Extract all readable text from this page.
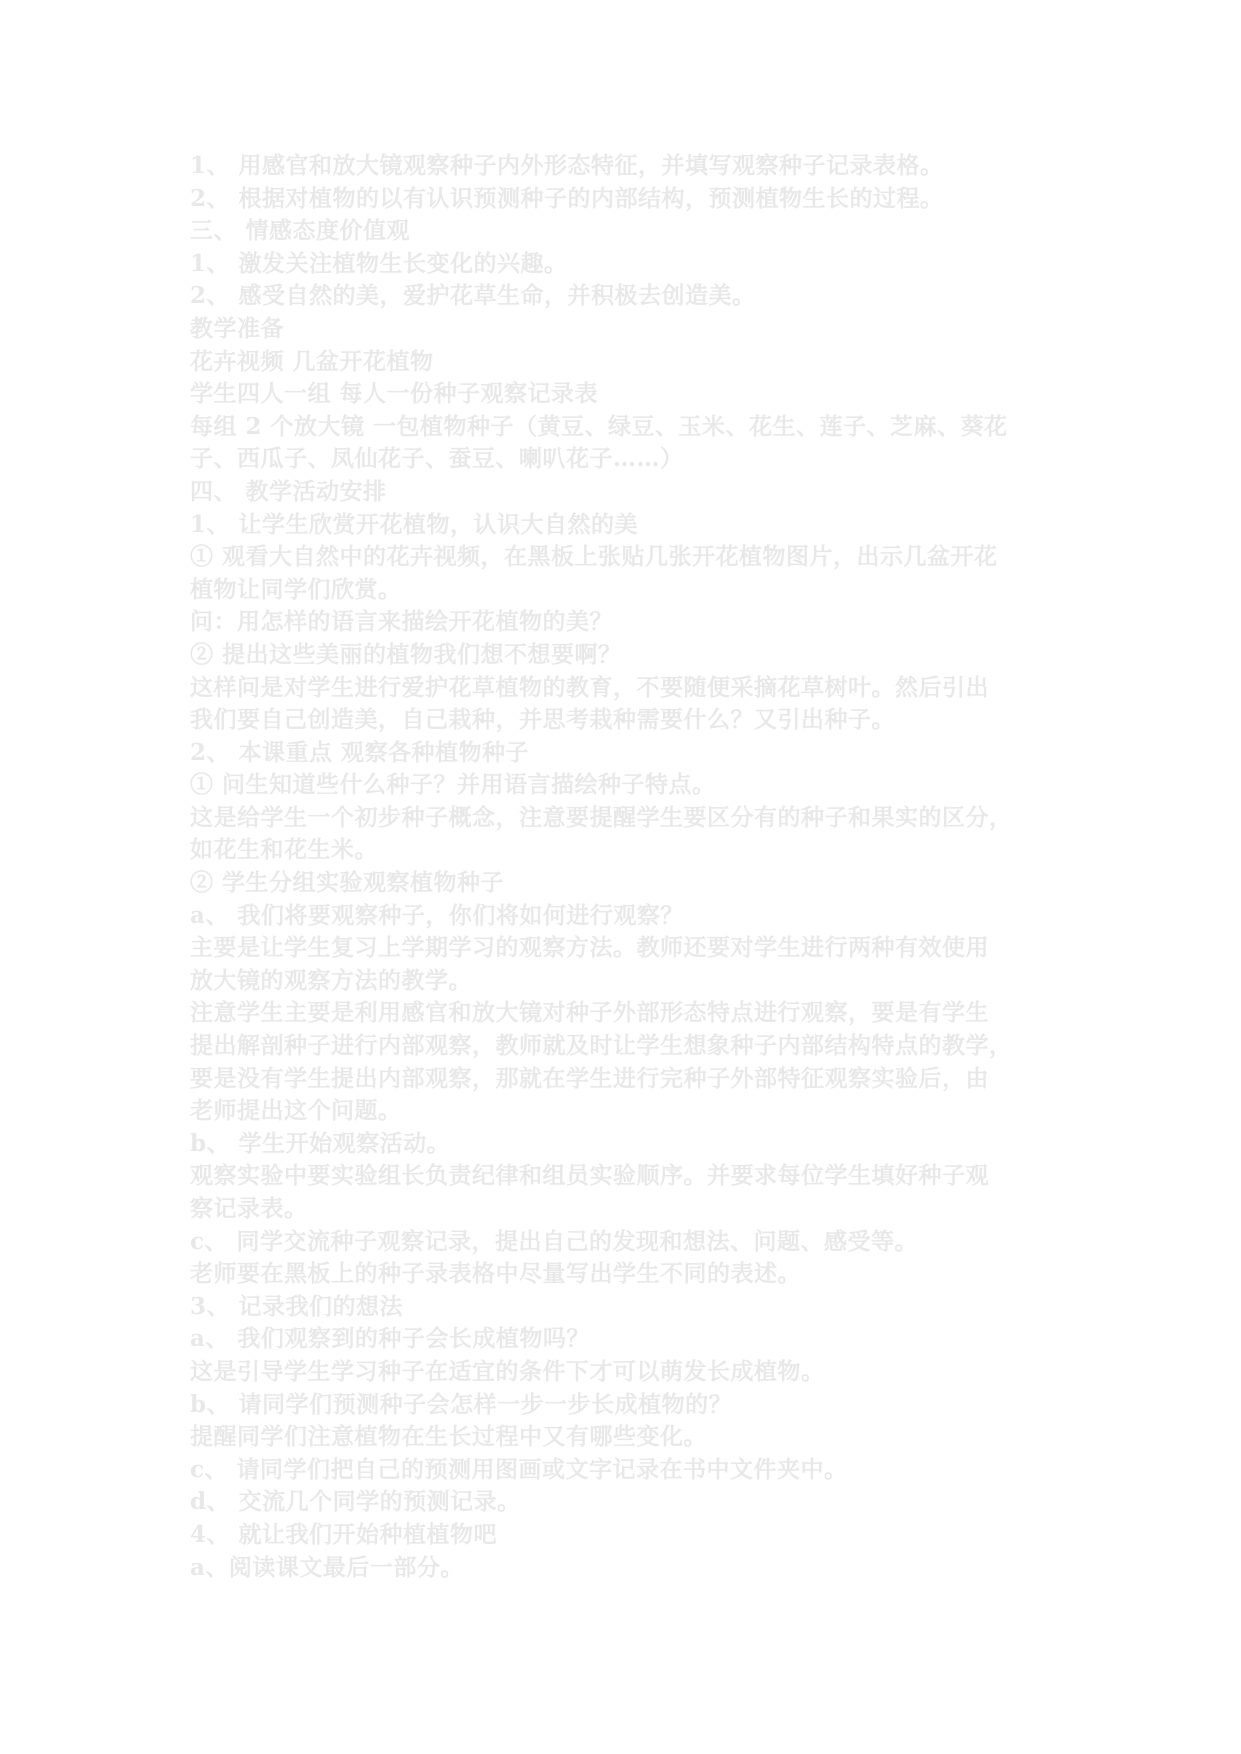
1、 用感官和放大镜观察种子内外形态特征，并填写观察种子记录表格。
2、 根据对植物的以有认识预测种子的内部结构，预测植物生长的过程。
三、 情感态度价值观
1、 激发关注植物生长变化的兴趣。
2、 感受自然的美，爱护花草生命，并积极去创造美。
教学准备
花卉视频 几盆开花植物
学生四人一组 每人一份种子观察记录表
每组 2 个放大镜 一包植物种子（黄豆、绿豆、玉米、花生、莲子、芝麻、葵花
子、西瓜子、凤仙花子、蚕豆、喇叭花子……）
四、 教学活动安排
1、 让学生欣赏开花植物，认识大自然的美
① 观看大自然中的花卉视频，在黑板上张贴几张开花植物图片，出示几盆开花
植物让同学们欣赏。
问：用怎样的语言来描绘开花植物的美？
② 提出这些美丽的植物我们想不想要啊？
这样问是对学生进行爱护花草植物的教育，不要随便采摘花草树叶。然后引出
我们要自己创造美，自己栽种，并思考栽种需要什么？又引出种子。
2、 本课重点 观察各种植物种子
① 问生知道些什么种子？并用语言描绘种子特点。
这是给学生一个初步种子概念，注意要提醒学生要区分有的种子和果实的区分，
如花生和花生米。
② 学生分组实验观察植物种子
a、 我们将要观察种子，你们将如何进行观察？
主要是让学生复习上学期学习的观察方法。教师还要对学生进行两种有效使用
放大镜的观察方法的教学。
注意学生主要是利用感官和放大镜对种子外部形态特点进行观察，要是有学生
提出解剖种子进行内部观察，教师就及时让学生想象种子内部结构特点的教学，
要是没有学生提出内部观察，那就在学生进行完种子外部特征观察实验后，由
老师提出这个问题。
b、 学生开始观察活动。
观察实验中要实验组长负责纪律和组员实验顺序。并要求每位学生填好种子观
察记录表。
c、 同学交流种子观察记录，提出自己的发现和想法、问题、感受等。
老师要在黑板上的种子录表格中尽量写出学生不同的表述。
3、 记录我们的想法
a、 我们观察到的种子会长成植物吗？
这是引导学生学习种子在适宜的条件下才可以萌发长成植物。
b、 请同学们预测种子会怎样一步一步长成植物的？
提醒同学们注意植物在生长过程中又有哪些变化。
c、 请同学们把自己的预测用图画或文字记录在书中文件夹中。
d、 交流几个同学的预测记录。
4、 就让我们开始种植植物吧
a、阅读课文最后一部分。
